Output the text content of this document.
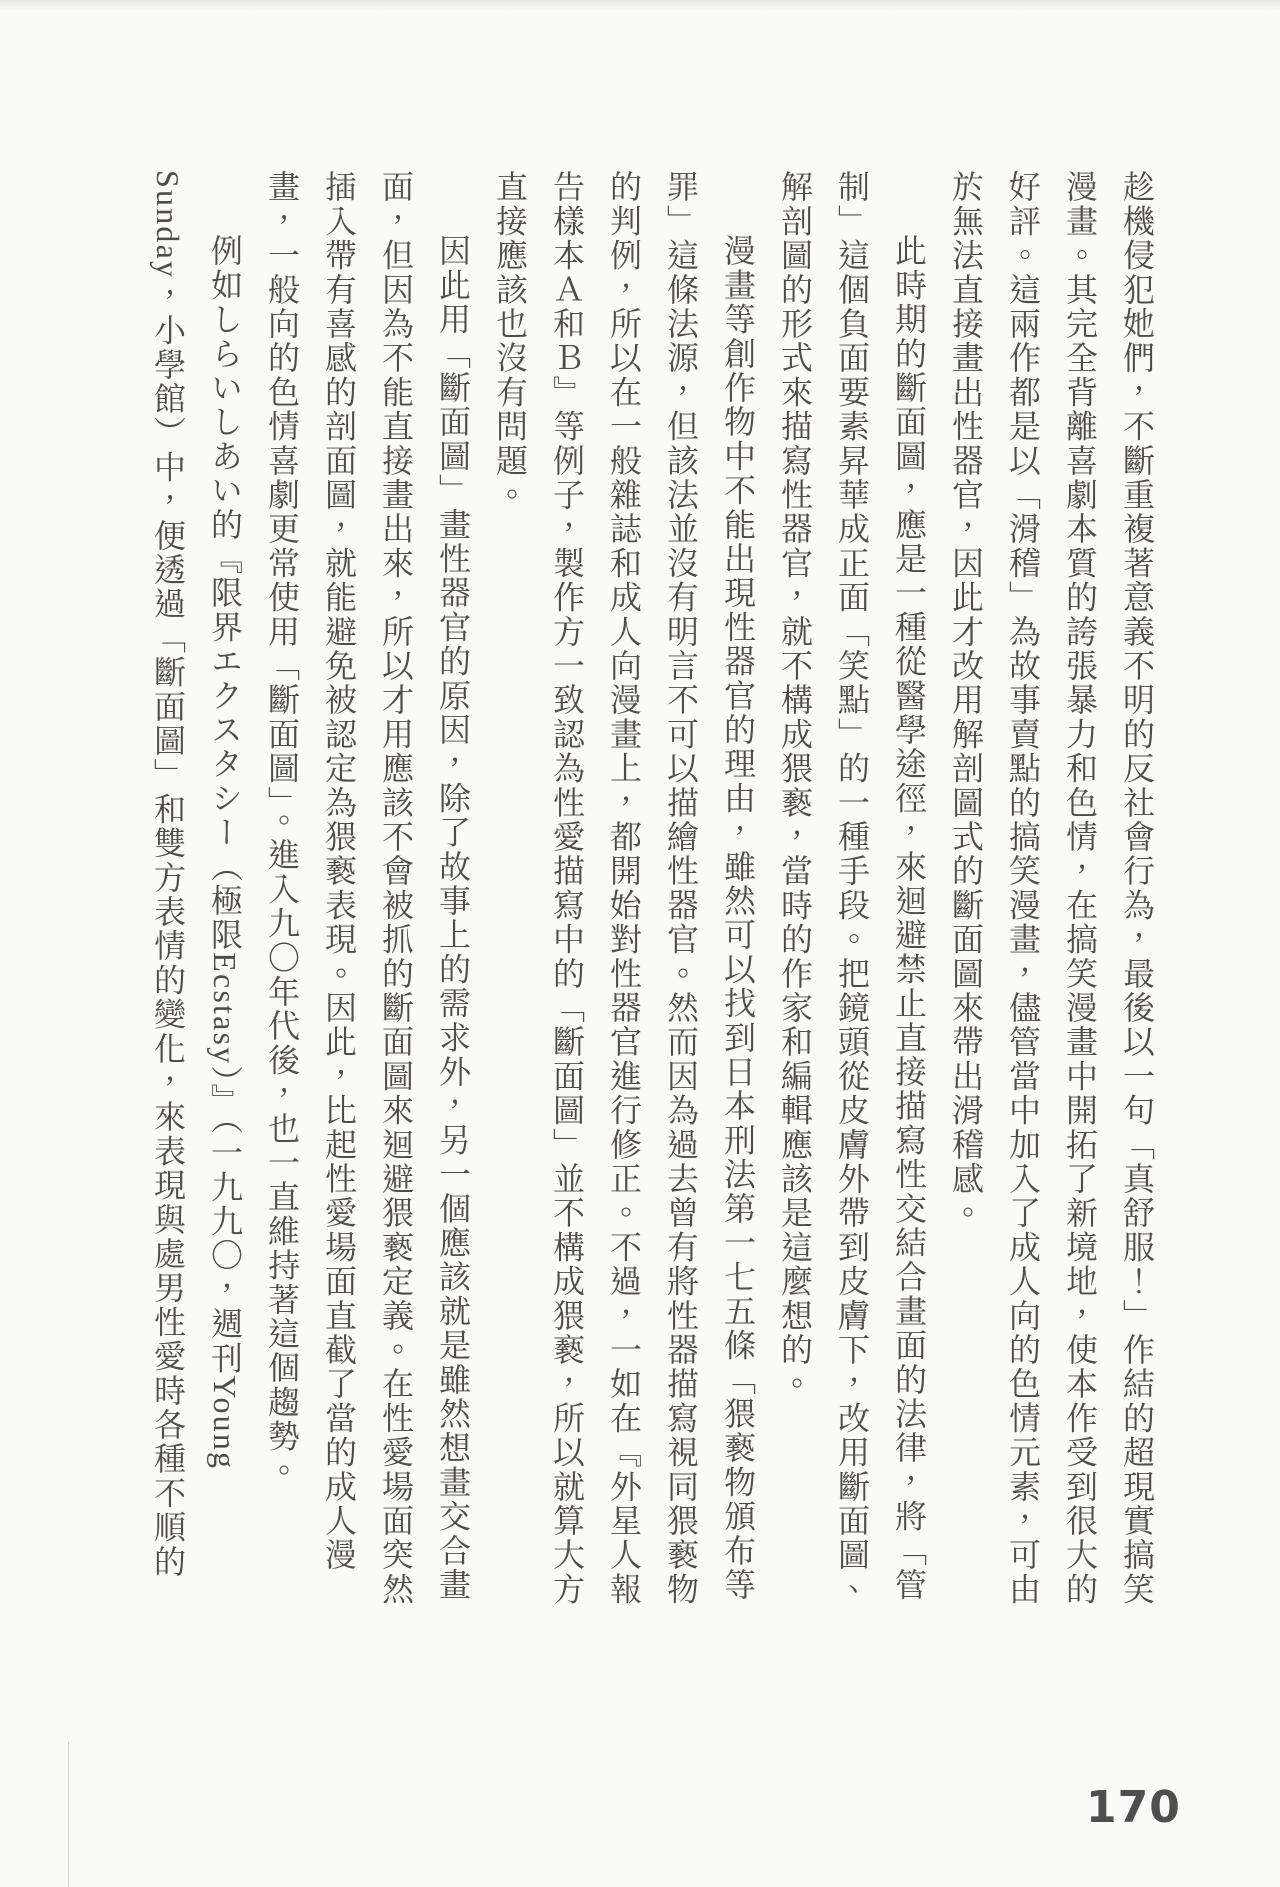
趁機侵犯她們，不斷重複著意義不明的反社會行為，最後以一句「真舒服！」作結的超現實搞笑漫畫。其完全背離喜劇本質的誇張暴力和色情，在搞笑漫畫中開拓了新境地，使本作受到很大的好評。這兩作都是以「滑稽」為故事賣點的搞笑漫畫，儘管當中加入了成人向的色情元素，可由於無法直接畫出性器官，因此才改用解剖圖式的斷面圖來帶出滑稽感。

此時期的斷面圖，應是一種從醫學途徑，來迴避禁止直接描寫性交結合畫面的法律，將「管制」這個負面要素昇華成正面「笑點」的一種手段。把鏡頭從皮膚外帶到皮膚下，改用斷面圖、解剖圖的形式來描寫性器官，就不構成猥褻，當時的作家和編輯應該是這麼想的。

漫畫等創作物中不能出現性器官的理由，雖然可以找到日本刑法第一七五條「猥褻物頒布等罪」這條法源，但該法並沒有明言不可以描繪性器官。然而因為過去曾有將性器描寫視同猥褻物的判例，所以在一般雜誌和成人向漫畫上，都開始對性器官進行修正。不過，一如在『外星人報告樣本Ａ和Ｂ』等例子，製作方一致認為性愛描寫中的「斷面圖」並不構成猥褻，所以就算大方直接應該也沒有問題。

因此用「斷面圖」畫性器官的原因，除了故事上的需求外，另一個應該就是雖然想畫交合畫面，但因為不能直接畫出來，所以才用應該不會被抓的斷面圖來迴避猥褻定義。在性愛場面突然插入帶有喜感的剖面圖，就能避免被認定為猥褻表現。因此，比起性愛場面直截了當的成人漫畫，一般向的色情喜劇更常使用「斷面圖」。進入九〇年代後，也一直維持著這個趨勢。

例如しらいしあい的『限界エクスタシー（極限Ecstasy）』（一九九〇，週刊Young Sunday，小學館）中，便透過「斷面圖」和雙方表情的變化，來表現與處男性愛時各種不順的

170
